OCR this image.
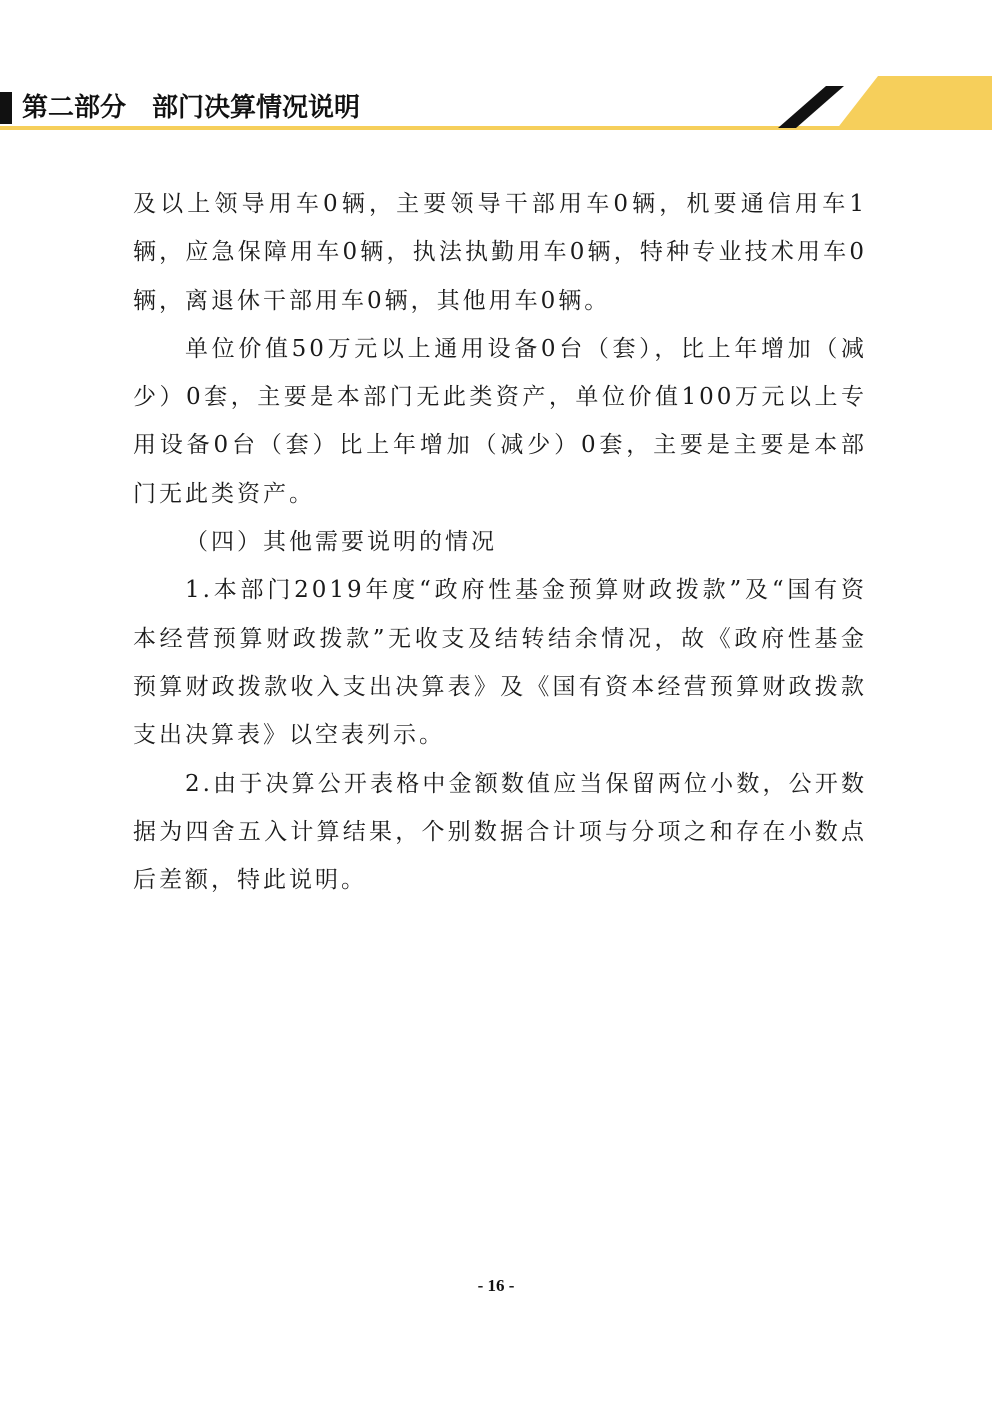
第二部分　部门决算情况说明

及以上领导用车0辆，主要领导干部用车0辆，机要通信用车1辆，应急保障用车0辆，执法执勤用车0辆，特种专业技术用车0辆，离退休干部用车0辆，其他用车0辆。

单位价值50万元以上通用设备0台（套），比上年增加（减少）0套，主要是本部门无此类资产，单位价值100万元以上专用设备0台（套）比上年增加（减少）0套，主要是主要是本部门无此类资产。

（四）其他需要说明的情况

1.本部门2019年度“政府性基金预算财政拨款”及“国有资本经营预算财政拨款”无收支及结转结余情况，故《政府性基金预算财政拨款收入支出决算表》及《国有资本经营预算财政拨款支出决算表》以空表列示。

2.由于决算公开表格中金额数值应当保留两位小数，公开数据为四舍五入计算结果，个别数据合计项与分项之和存在小数点后差额，特此说明。

- 16 -
